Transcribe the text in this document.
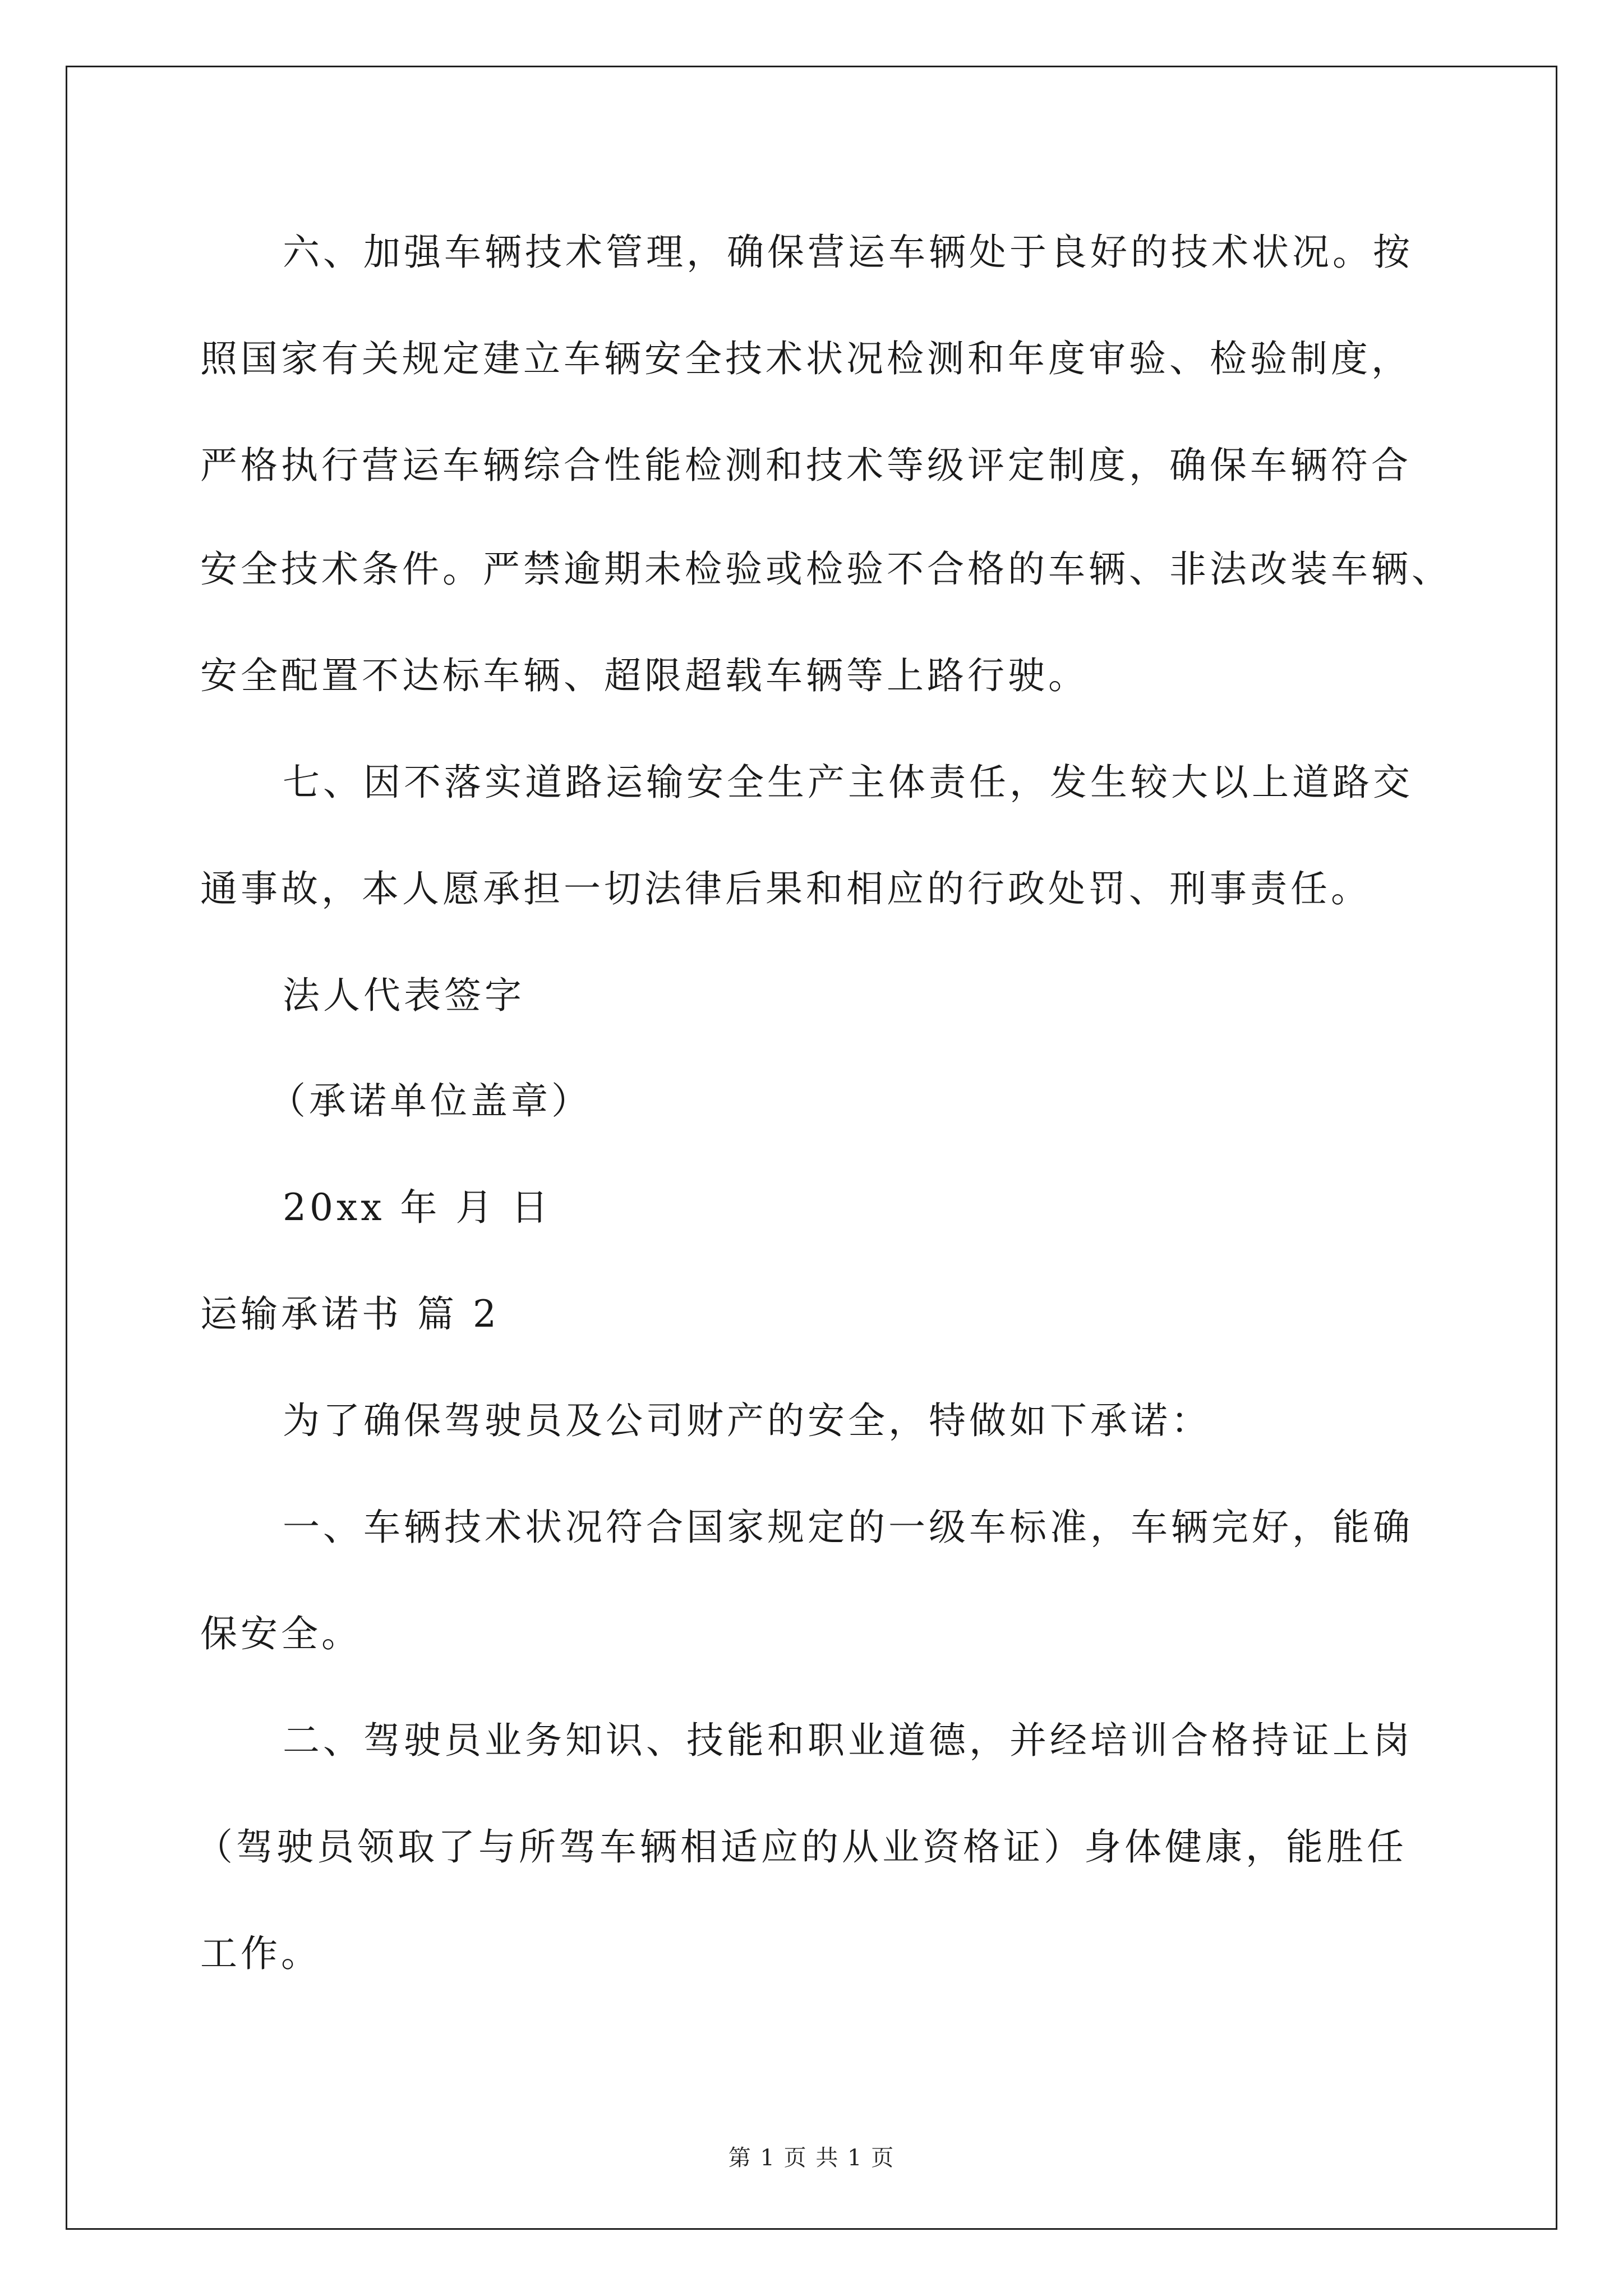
六、加强车辆技术管理，确保营运车辆处于良好的技术状况。按
照国家有关规定建立车辆安全技术状况检测和年度审验、检验制度，
严格执行营运车辆综合性能检测和技术等级评定制度，确保车辆符合
安全技术条件。严禁逾期未检验或检验不合格的车辆、非法改装车辆、
安全配置不达标车辆、超限超载车辆等上路行驶。
七、因不落实道路运输安全生产主体责任，发生较大以上道路交
通事故，本人愿承担一切法律后果和相应的行政处罚、刑事责任。
法人代表签字
（承诺单位盖章）
20xx 年 月 日
运输承诺书 篇 2
为了确保驾驶员及公司财产的安全，特做如下承诺：
一、车辆技术状况符合国家规定的一级车标准，车辆完好，能确
保安全。
二、驾驶员业务知识、技能和职业道德，并经培训合格持证上岗
（驾驶员领取了与所驾车辆相适应的从业资格证）身体健康，能胜任
工作。
第 1 页 共 1 页
